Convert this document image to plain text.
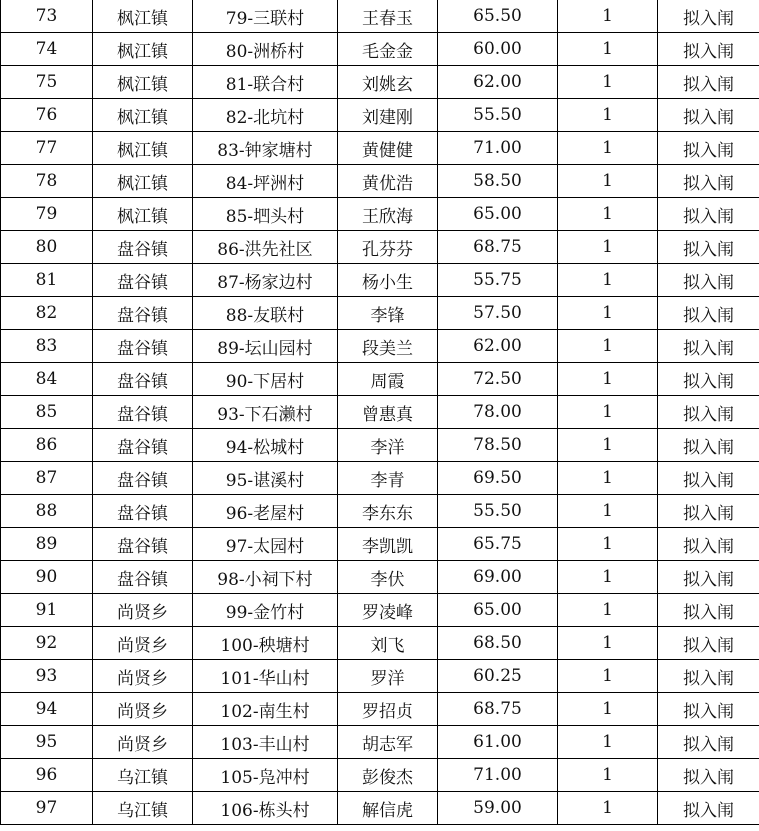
73	枫江镇	79-三联村	王春玉	65.50	1	拟入闱
74	枫江镇	80-洲桥村	毛金金	60.00	1	拟入闱
75	枫江镇	81-联合村	刘姚玄	62.00	1	拟入闱
76	枫江镇	82-北坑村	刘建刚	55.50	1	拟入闱
77	枫江镇	83-钟家塘村	黄健健	71.00	1	拟入闱
78	枫江镇	84-坪洲村	黄优浩	58.50	1	拟入闱
79	枫江镇	85-垇头村	王欣海	65.00	1	拟入闱
80	盘谷镇	86-洪先社区	孔芬芬	68.75	1	拟入闱
81	盘谷镇	87-杨家边村	杨小生	55.75	1	拟入闱
82	盘谷镇	88-友联村	李锋	57.50	1	拟入闱
83	盘谷镇	89-坛山园村	段美兰	62.00	1	拟入闱
84	盘谷镇	90-下居村	周霞	72.50	1	拟入闱
85	盘谷镇	93-下石濑村	曾惠真	78.00	1	拟入闱
86	盘谷镇	94-松城村	李洋	78.50	1	拟入闱
87	盘谷镇	95-谌溪村	李青	69.50	1	拟入闱
88	盘谷镇	96-老屋村	李东东	55.50	1	拟入闱
89	盘谷镇	97-太园村	李凯凯	65.75	1	拟入闱
90	盘谷镇	98-小祠下村	李伏	69.00	1	拟入闱
91	尚贤乡	99-金竹村	罗凌峰	65.00	1	拟入闱
92	尚贤乡	100-秧塘村	刘飞	68.50	1	拟入闱
93	尚贤乡	101-华山村	罗洋	60.25	1	拟入闱
94	尚贤乡	102-南生村	罗招贞	68.75	1	拟入闱
95	尚贤乡	103-丰山村	胡志军	61.00	1	拟入闱
96	乌江镇	105-凫冲村	彭俊杰	71.00	1	拟入闱
97	乌江镇	106-栋头村	解信虎	59.00	1	拟入闱
